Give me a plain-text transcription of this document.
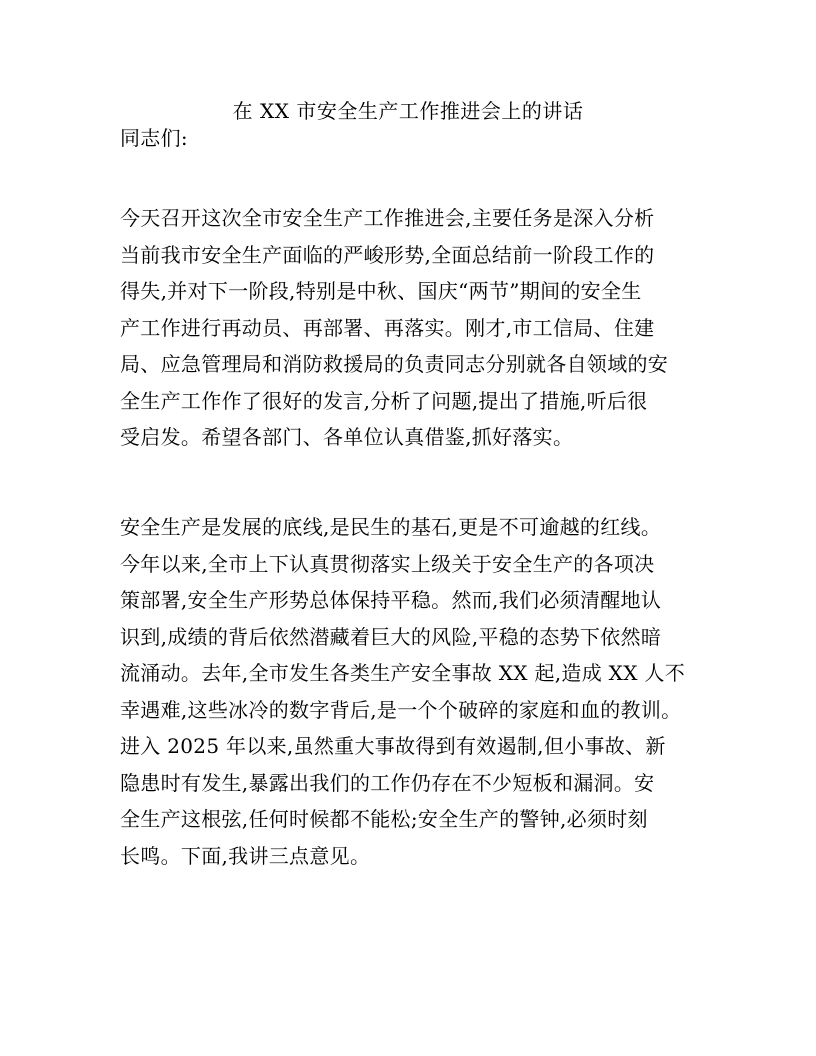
在 XX 市安全生产工作推进会上的讲话
同志们:
今天召开这次全市安全生产工作推进会,主要任务是深入分析
当前我市安全生产面临的严峻形势,全面总结前一阶段工作的
得失,并对下一阶段,特别是中秋、国庆“两节”期间的安全生
产工作进行再动员、再部署、再落实。刚才,市工信局、住建
局、应急管理局和消防救援局的负责同志分别就各自领域的安
全生产工作作了很好的发言,分析了问题,提出了措施,听后很
受启发。希望各部门、各单位认真借鉴,抓好落实。
安全生产是发展的底线,是民生的基石,更是不可逾越的红线。
今年以来,全市上下认真贯彻落实上级关于安全生产的各项决
策部署,安全生产形势总体保持平稳。然而,我们必须清醒地认
识到,成绩的背后依然潜藏着巨大的风险,平稳的态势下依然暗
流涌动。去年,全市发生各类生产安全事故 XX 起,造成 XX 人不
幸遇难,这些冰冷的数字背后,是一个个破碎的家庭和血的教训。
进入 2025 年以来,虽然重大事故得到有效遏制,但小事故、新
隐患时有发生,暴露出我们的工作仍存在不少短板和漏洞。安
全生产这根弦,任何时候都不能松;安全生产的警钟,必须时刻
长鸣。下面,我讲三点意见。
